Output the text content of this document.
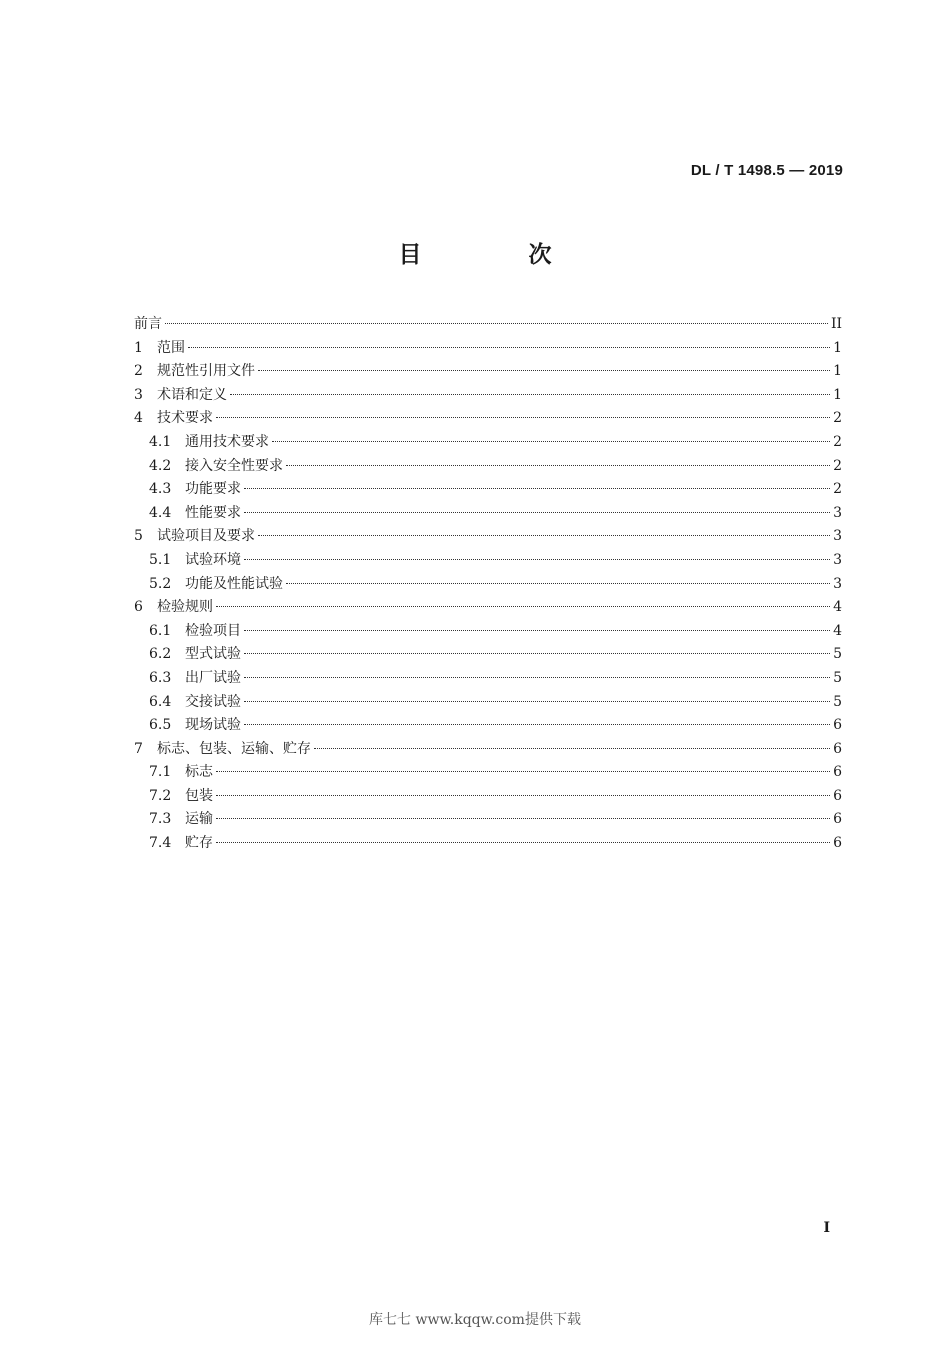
DL / T 1498.5 — 2019
目　次
前言	II
1	范围	1
2	规范性引用文件	1
3	术语和定义	1
4	技术要求	2
4.1 通用技术要求	2
4.2 接入安全性要求	2
4.3 功能要求	2
4.4 性能要求	3
5	试验项目及要求	3
5.1 试验环境	3
5.2 功能及性能试验	3
6	检验规则	4
6.1 检验项目	4
6.2 型式试验	5
6.3 出厂试验	5
6.4 交接试验	5
6.5 现场试验	6
7	标志、包装、运输、贮存	6
7.1 标志	6
7.2 包装	6
7.3 运输	6
7.4 贮存	6
I
库七七 www.kqqw.com提供下载
